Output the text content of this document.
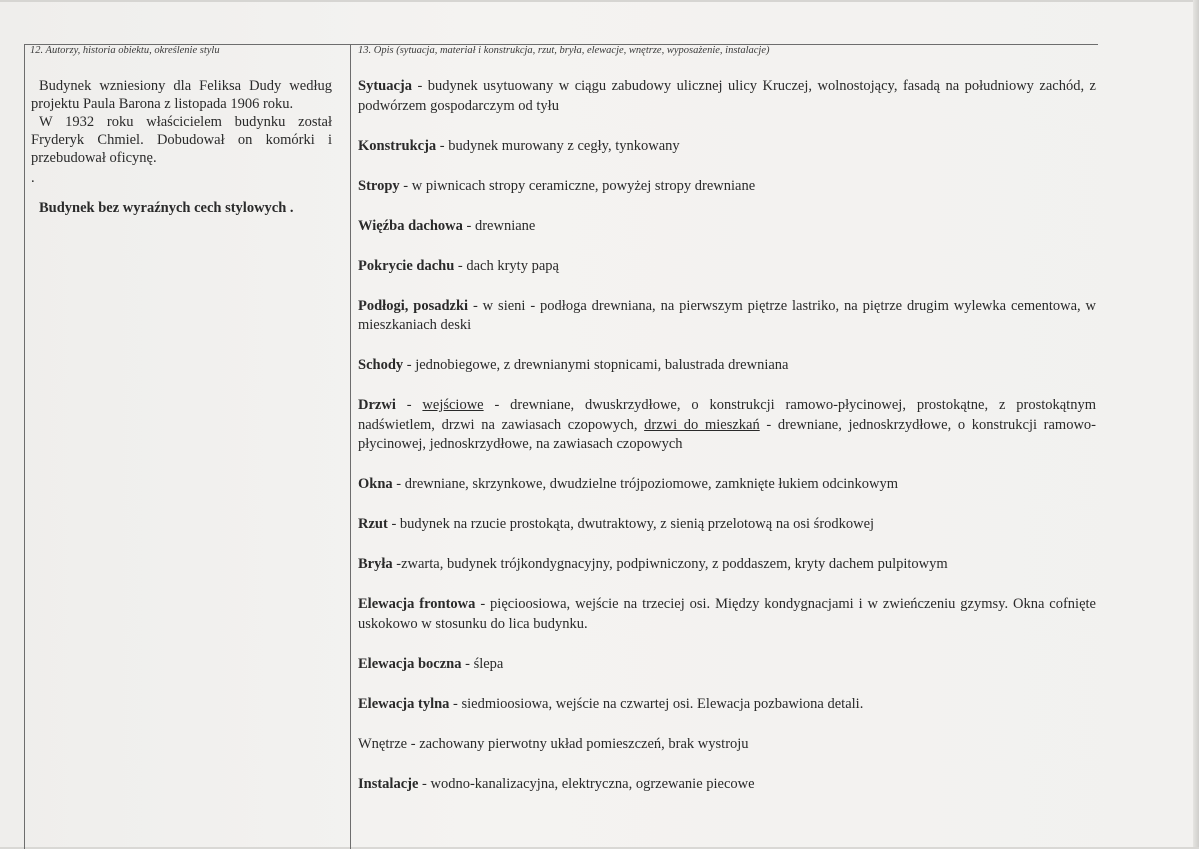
12. Autorzy, historia obiektu, określenie stylu	13. Opis (sytuacja, materiał i konstrukcja, rzut, bryła, elewacje, wnętrze, wyposażenie, instalacje)

Budynek wzniesiony dla Feliksa Dudy według projektu Paula Barona z listopada 1906 roku.

W 1932 roku właścicielem budynku został Fryderyk Chmiel. Dobudował on komórki i przebudował oficynę.

.

Budynek bez wyraźnych cech stylowych .

Sytuacja - budynek usytuowany w ciągu zabudowy ulicznej ulicy Kruczej, wolnostojący, fasadą na południowy zachód, z podwórzem gospodarczym od tyłu

Konstrukcja - budynek murowany z cegły, tynkowany

Stropy - w piwnicach stropy ceramiczne, powyżej stropy drewniane

Więźba dachowa - drewniane

Pokrycie dachu - dach kryty papą

Podłogi, posadzki - w sieni - podłoga drewniana, na pierwszym piętrze lastriko, na piętrze drugim wylewka cementowa, w mieszkaniach deski

Schody - jednobiegowe, z drewnianymi stopnicami, balustrada drewniana

Drzwi - wejściowe - drewniane, dwuskrzydłowe, o konstrukcji ramowo-płycinowej, prostokątne, z prostokątnym nadświetlem, drzwi na zawiasach czopowych, drzwi do mieszkań - drewniane, jednoskrzydłowe, o konstrukcji ramowo-płycinowej, jednoskrzydłowe, na zawiasach czopowych

Okna - drewniane, skrzynkowe, dwudzielne trójpoziomowe, zamknięte łukiem odcinkowym

Rzut - budynek na rzucie prostokąta, dwutraktowy, z sienią przelotową na osi środkowej

Bryła -zwarta, budynek trójkondygnacyjny, podpiwniczony, z poddaszem, kryty dachem pulpitowym

Elewacja frontowa - pięcioosiowa, wejście na trzeciej osi. Między kondygnacjami i w zwieńczeniu gzymsy. Okna cofnięte uskokowo w stosunku do lica budynku.

Elewacja boczna - ślepa

Elewacja tylna - siedmioosiowa, wejście na czwartej osi. Elewacja pozbawiona detali.

Wnętrze - zachowany pierwotny układ pomieszczeń, brak wystroju

Instalacje - wodno-kanalizacyjna, elektryczna, ogrzewanie piecowe
